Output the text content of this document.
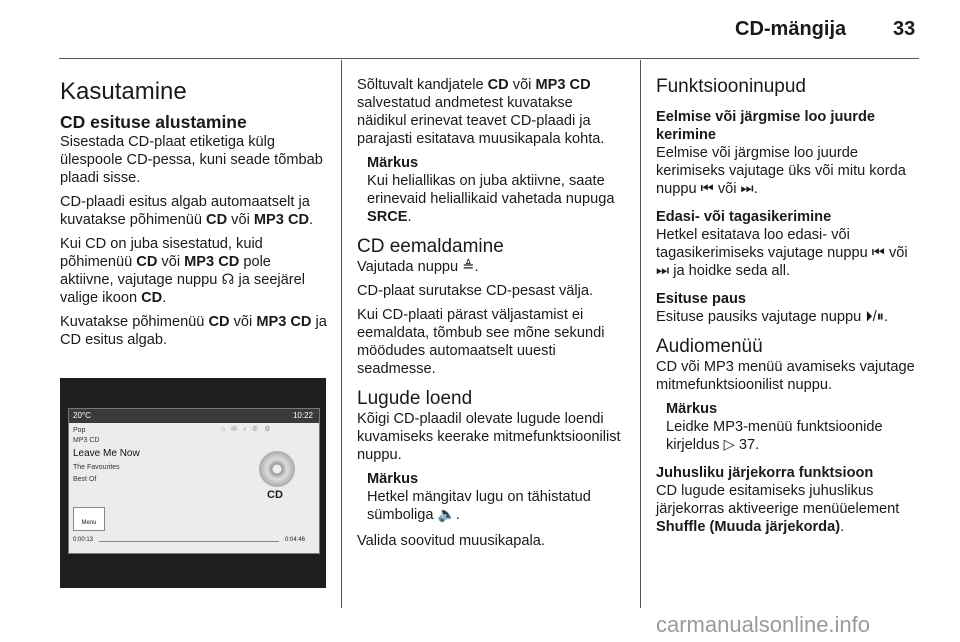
CD-mängija 33
Kasutamine
CD esituse alustamine

Sisestada CD-plaat etiketiga külg ülespoole CD-pessa, kuni seade tõmbab plaadi sisse.

CD-plaadi esitus algab automaatselt ja kuvatakse põhimenüü CD või MP3 CD.

Kui CD on juba sisestatud, kuid põhimenüü CD või MP3 CD pole aktiivne, vajutage nuppu ☊ ja seejärel valige ikoon CD.

Kuvatakse põhimenüü CD või MP3 CD ja CD esitus algab.

20°C	10:22
⌂ ✉ ♪ ✆ ⚙
Pop
MP3 CD
Leave Me Now
The Favourites
Best Of
CD
Menu
0:00:13	0:04:46

Sõltuvalt kandjatele CD või MP3 CD salvestatud andmetest kuvatakse näidikul erinevat teavet CD-plaadi ja parajasti esitatava muusikapala kohta.

Märkus
Kui heliallikas on juba aktiivne, saate erinevaid heliallikaid vahetada nupuga SRCE.
CD eemaldamine

Vajutada nuppu ≜.

CD-plaat surutakse CD-pesast välja.

Kui CD-plaati pärast väljastamist ei eemaldata, tõmbub see mõne sekundi möödudes automaatselt uuesti seadmesse.

Lugude loend

Kõigi CD-plaadil olevate lugude loendi kuvamiseks keerake mitmefunktsioonilist nuppu.

Märkus
Hetkel mängitav lugu on tähistatud sümboliga 🔈.

Valida soovitud muusikapala.

Funktsiooninupud
Eelmise või järgmise loo juurde kerimine

Eelmise või järgmise loo juurde kerimiseks vajutage üks või mitu korda nuppu ⏮ või ⏭.

Edasi- või tagasikerimine

Hetkel esitatava loo edasi- või tagasikerimiseks vajutage nuppu ⏮ või ⏭ ja hoidke seda all.

Esituse paus

Esituse pausiks vajutage nuppu ⏵/⏸.

Audiomenüü

CD või MP3 menüü avamiseks vajutage mitmefunktsioonilist nuppu.

Märkus
Leidke MP3-menüü funktsioonide kirjeldus ▷ 37.
Juhusliku järjekorra funktsioon

CD lugude esitamiseks juhuslikus järjekorras aktiveerige menüüelement Shuffle (Muuda järjekorda).

carmanualsonline.info
